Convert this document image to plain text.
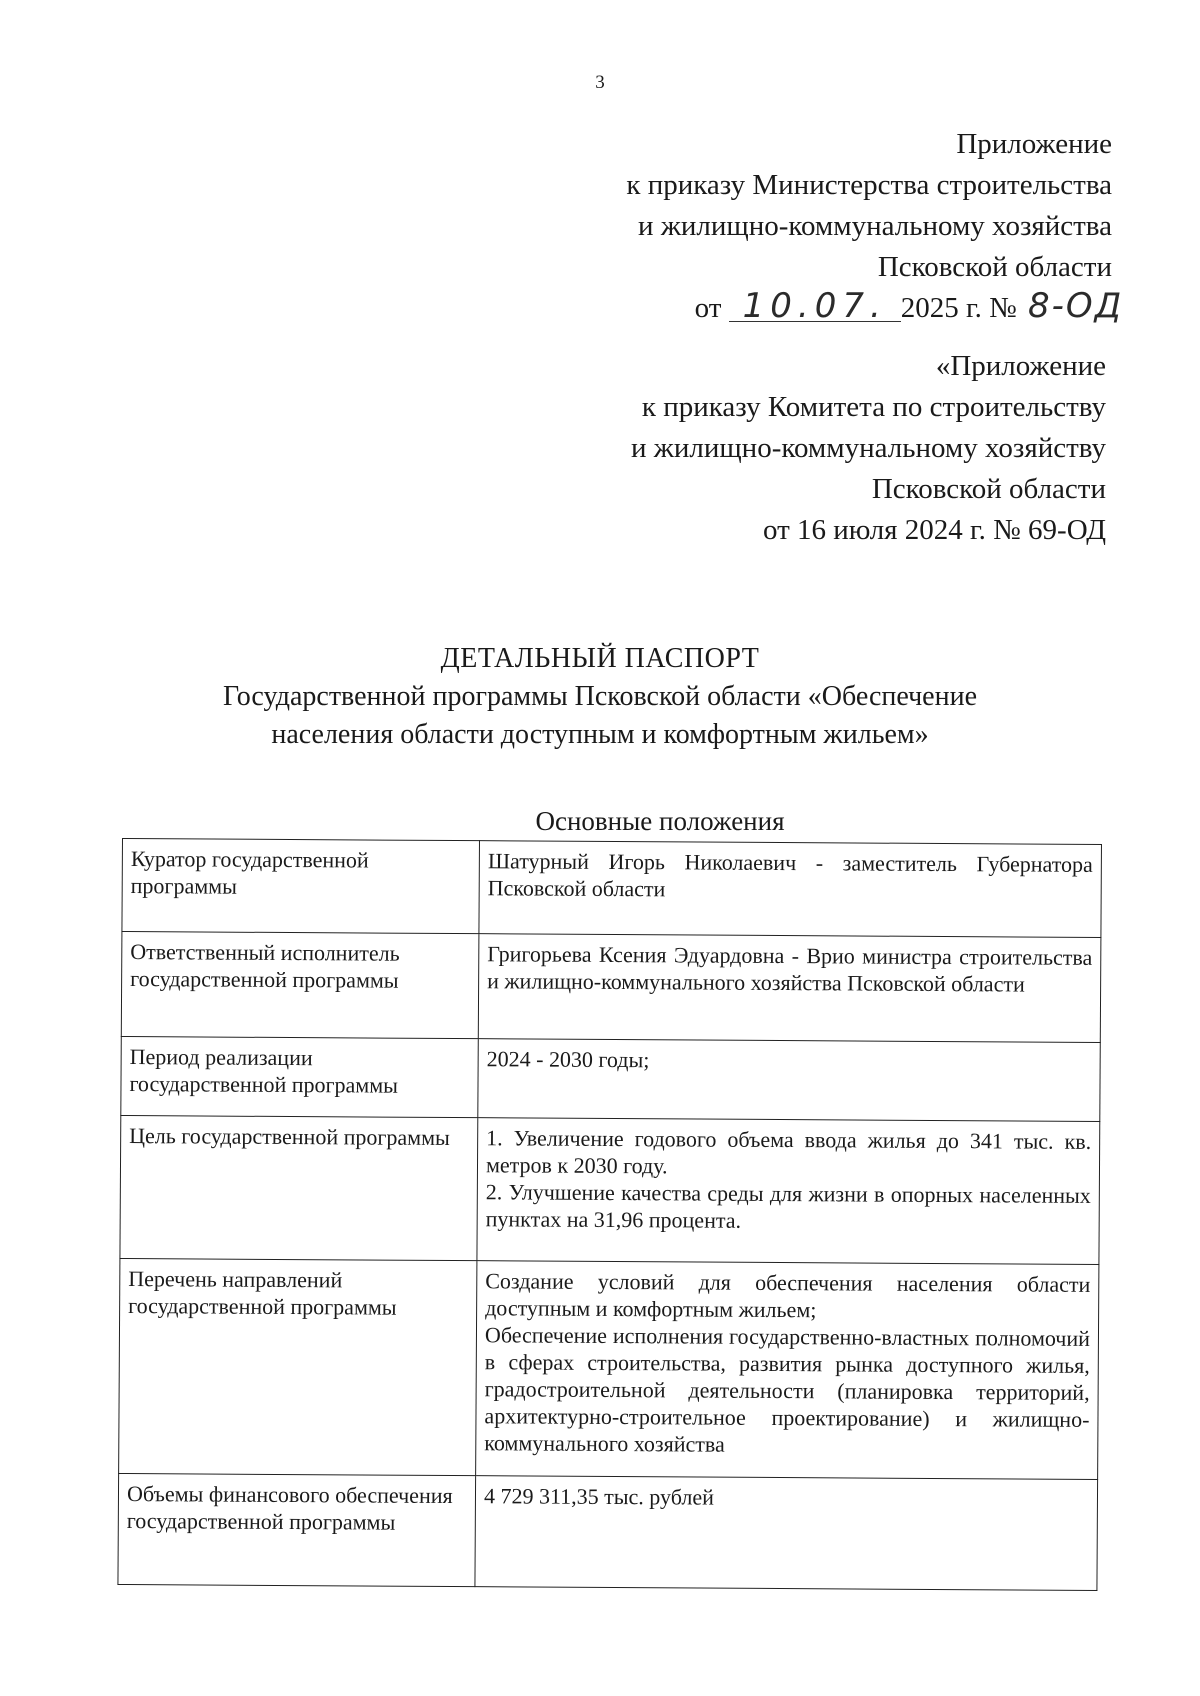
3
Приложение
к приказу Министерства строительства
и жилищно-коммунальному хозяйства
Псковской области
от 10.07. 2025 г. № 8-ОД
«Приложение
к приказу Комитета по строительству
и жилищно-коммунальному хозяйству
Псковской области
от 16 июля 2024 г. № 69-ОД
ДЕТАЛЬНЫЙ ПАСПОРТ
Государственной программы Псковской области «Обеспечение
населения области доступным и комфортным жильем»
Основные положения
Куратор государственной программы	Шатурный Игорь Николаевич - заместитель Губернатора Псковской области
Ответственный исполнитель государственной программы	Григорьева Ксения Эдуардовна - Врио министра строительства и жилищно-коммунального хозяйства Псковской области
Период реализации государственной программы	2024 - 2030 годы;
Цель государственной программы	1. Увеличение годового объема ввода жилья до 341 тыс. кв. метров к 2030 году.
2. Улучшение качества среды для жизни в опорных населенных пунктах на 31,96 процента.

Перечень направлений государственной программы	Создание условий для обеспечения населения области доступным и комфортным жильем;
Обеспечение исполнения государственно-властных полномочий в сферах строительства, развития рынка доступного жилья, градостроительной деятельности (планировка территорий, архитектурно-строительное проектирование) и жилищно-коммунального хозяйства

Объемы финансового обеспечения государственной программы	4 729 311,35 тыс. рублей
